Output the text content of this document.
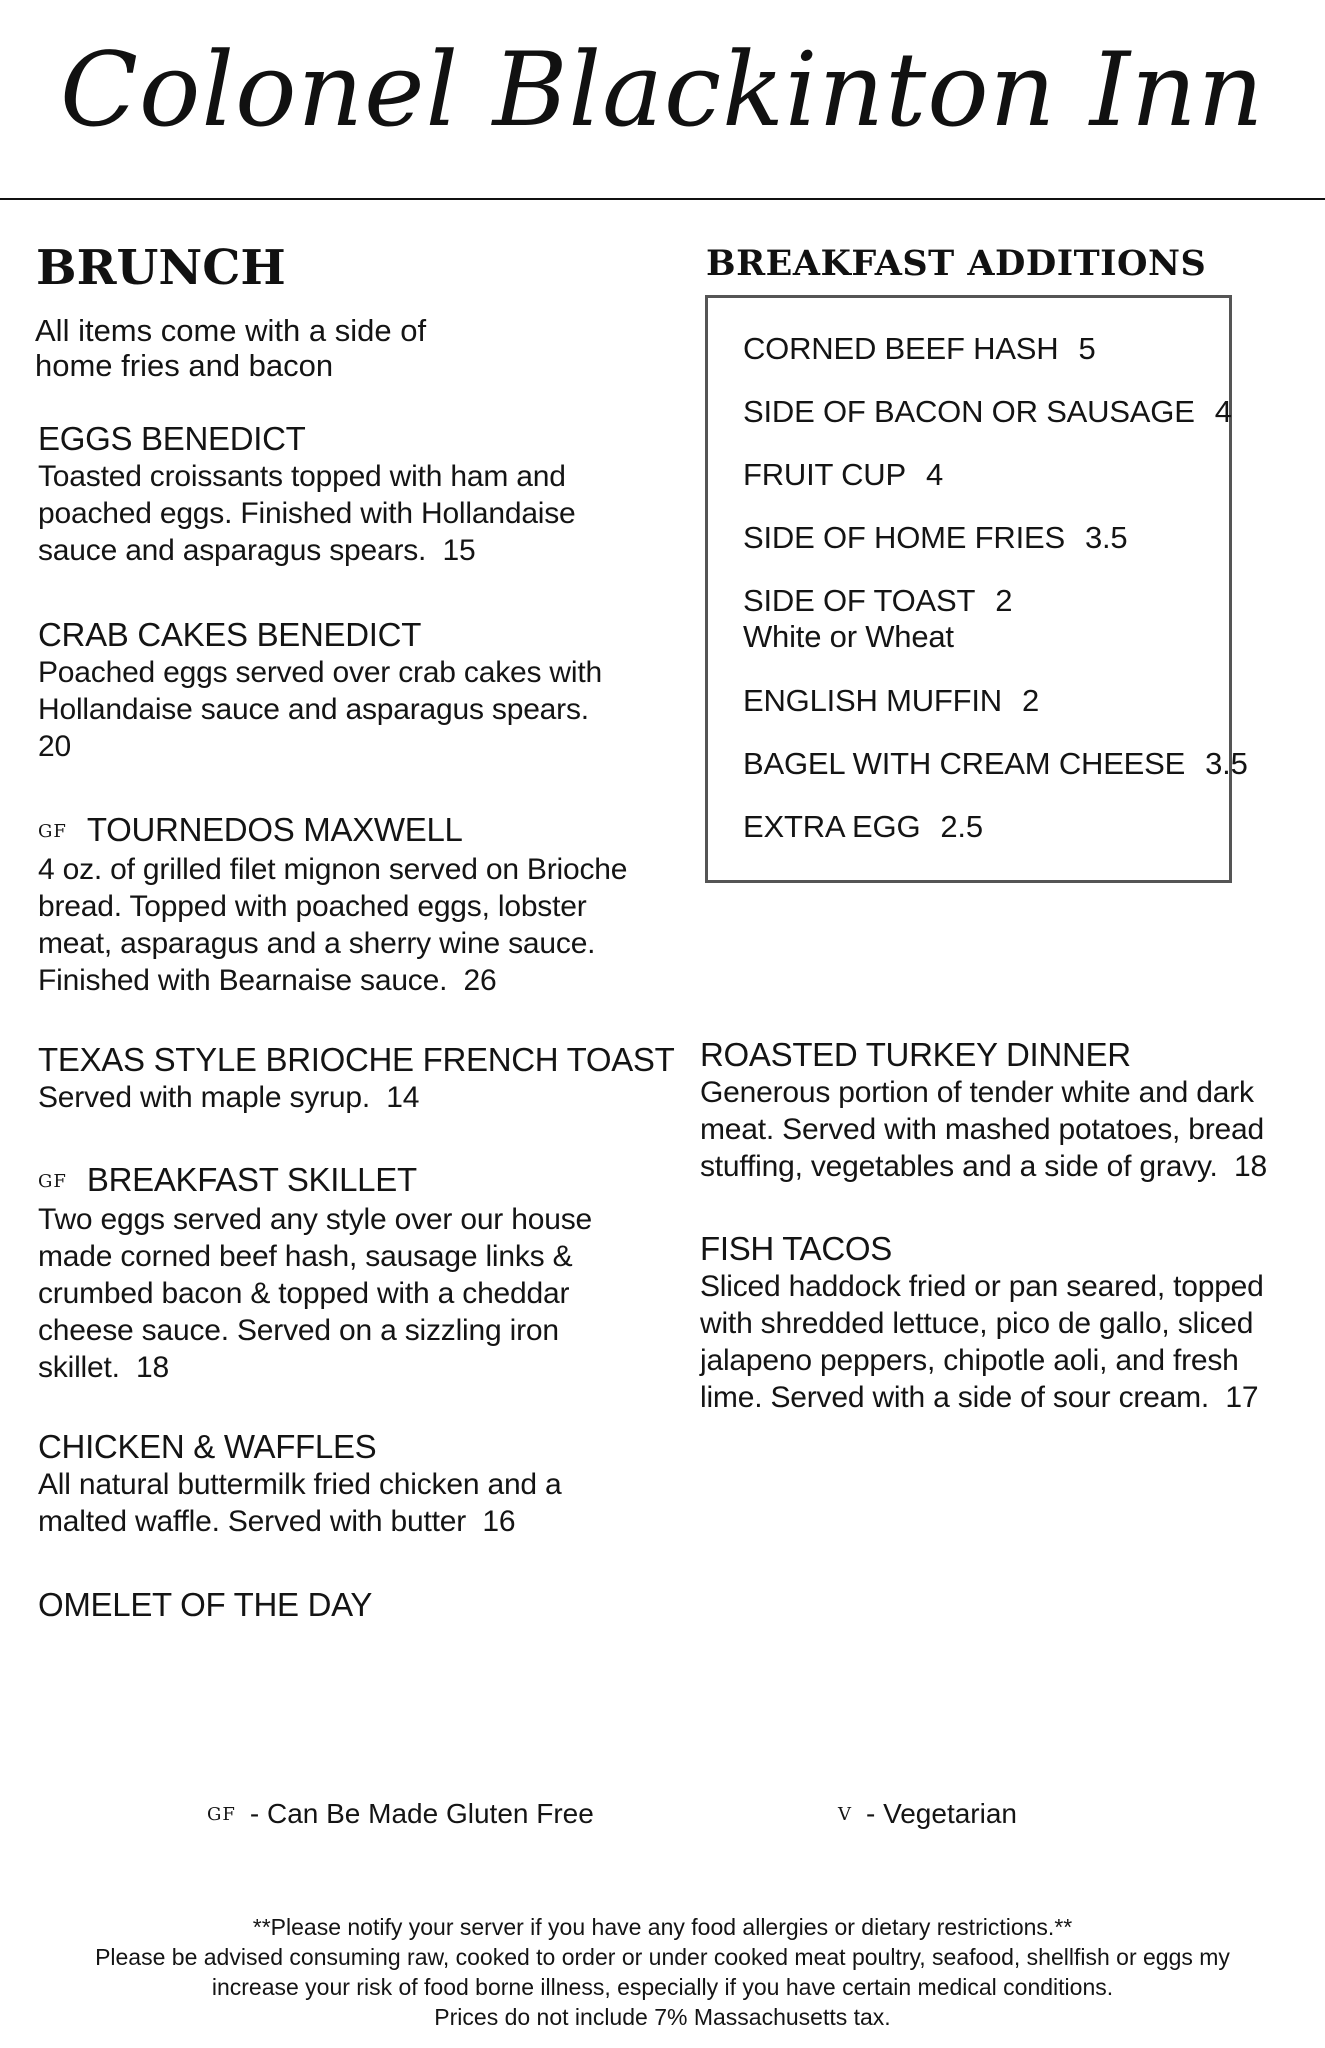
Colonel Blackinton Inn
BRUNCH
All items come with a side of home fries and bacon
EGGS BENEDICT
Toasted croissants topped with ham and poached eggs. Finished with Hollandaise sauce and asparagus spears. 15
CRAB CAKES BENEDICT
Poached eggs served over crab cakes with Hollandaise sauce and asparagus spears.  20
GF TOURNEDOS MAXWELL
4 oz. of grilled filet mignon served on Brioche bread. Topped with poached eggs, lobster meat, asparagus and a sherry wine sauce. Finished with Bearnaise sauce. 26
TEXAS STYLE BRIOCHE FRENCH TOAST
Served with maple syrup. 14
GF BREAKFAST SKILLET
Two eggs served any style over our house made corned beef hash, sausage links & crumbed bacon & topped with a cheddar cheese sauce. Served on a sizzling iron skillet. 18
CHICKEN & WAFFLES
All natural buttermilk fried chicken and a malted waffle. Served with butter 16
OMELET OF THE DAY
BREAKFAST ADDITIONS
CORNED BEEF HASH 5
SIDE OF BACON OR SAUSAGE 4
FRUIT CUP 4
SIDE OF HOME FRIES 3.5
SIDE OF TOAST 2
White or Wheat
ENGLISH MUFFIN 2
BAGEL WITH CREAM CHEESE 3.5
EXTRA EGG 2.5
ROASTED TURKEY DINNER
Generous portion of tender white and dark meat. Served with mashed potatoes, bread stuffing, vegetables and a side of gravy. 18
FISH TACOS
Sliced haddock fried or pan seared, topped with shredded lettuce, pico de gallo, sliced jalapeno peppers, chipotle aoli, and fresh lime. Served with a side of sour cream. 17
GF - Can Be Made Gluten Free	V - Vegetarian
**Please notify your server if you have any food allergies or dietary restrictions.**
Please be advised consuming raw, cooked to order or under cooked meat poultry, seafood, shellfish or eggs my
increase your risk of food borne illness, especially if you have certain medical conditions.
Prices do not include 7% Massachusetts tax.
